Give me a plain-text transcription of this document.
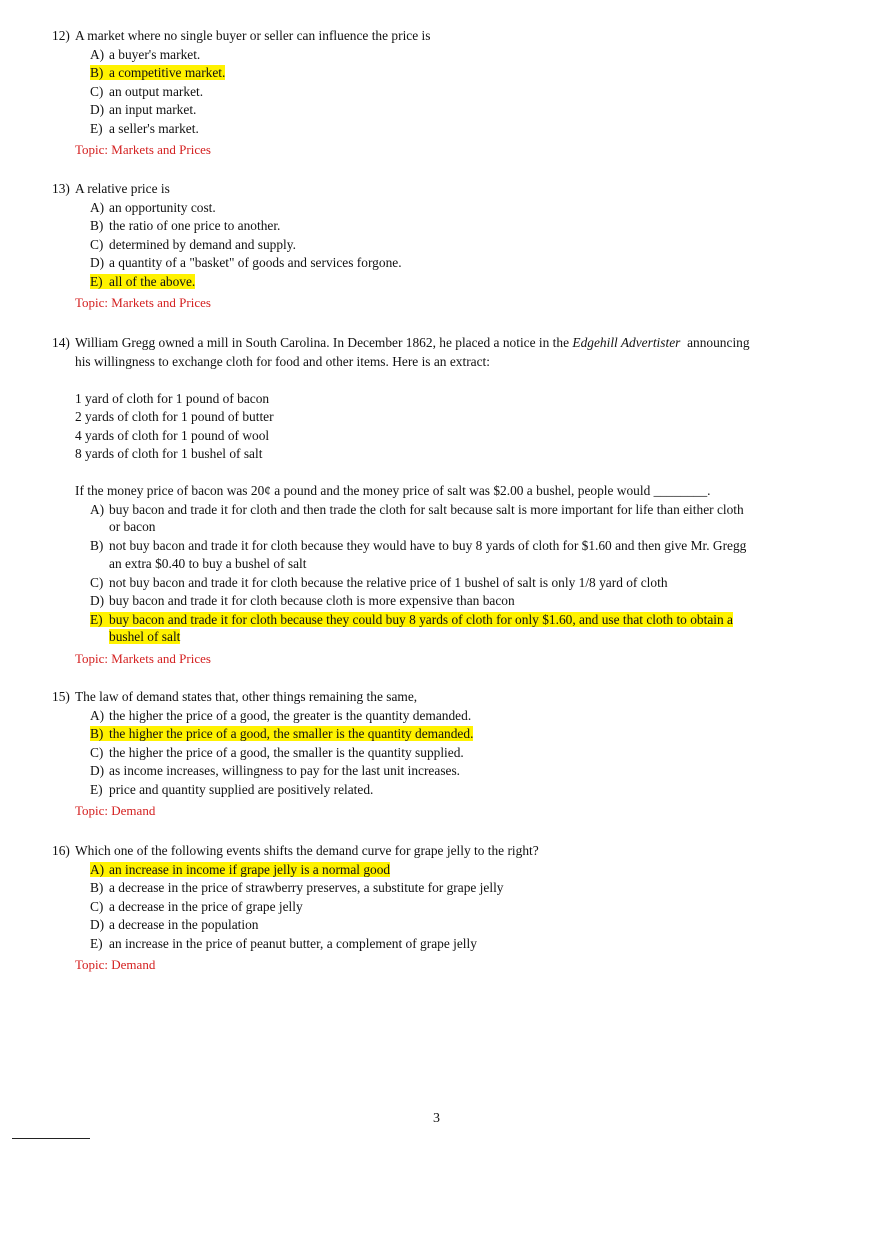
12) A market where no single buyer or seller can influence the price is
A) a buyer's market.
B) a competitive market.
C) an output market.
D) an input market.
E) a seller's market.
Topic: Markets and Prices
13) A relative price is
A) an opportunity cost.
B) the ratio of one price to another.
C) determined by demand and supply.
D) a quantity of a "basket" of goods and services forgone.
E) all of the above.
Topic: Markets and Prices
14) William Gregg owned a mill in South Carolina. In December 1862, he placed a notice in the Edgehill Advertister announcing
his willingness to exchange cloth for food and other items. Here is an extract:
1 yard of cloth for 1 pound of bacon
2 yards of cloth for 1 pound of butter
4 yards of cloth for 1 pound of wool
8 yards of cloth for 1 bushel of salt
If the money price of bacon was 20¢ a pound and the money price of salt was $2.00 a bushel, people would ________.
A) buy bacon and trade it for cloth and then trade the cloth for salt because salt is more important for life than either cloth
or bacon
B) not buy bacon and trade it for cloth because they would have to buy 8 yards of cloth for $1.60 and then give Mr. Gregg
an extra $0.40 to buy a bushel of salt
C) not buy bacon and trade it for cloth because the relative price of 1 bushel of salt is only 1/8 yard of cloth
D) buy bacon and trade it for cloth because cloth is more expensive than bacon
E) buy bacon and trade it for cloth because they could buy 8 yards of cloth for only $1.60, and use that cloth to obtain a
bushel of salt
Topic: Markets and Prices
15) The law of demand states that, other things remaining the same,
A) the higher the price of a good, the greater is the quantity demanded.
B) the higher the price of a good, the smaller is the quantity demanded.
C) the higher the price of a good, the smaller is the quantity supplied.
D) as income increases, willingness to pay for the last unit increases.
E) price and quantity supplied are positively related.
Topic: Demand
16) Which one of the following events shifts the demand curve for grape jelly to the right?
A) an increase in income if grape jelly is a normal good
B) a decrease in the price of strawberry preserves, a substitute for grape jelly
C) a decrease in the price of grape jelly
D) a decrease in the population
E) an increase in the price of peanut butter, a complement of grape jelly
Topic: Demand
3
